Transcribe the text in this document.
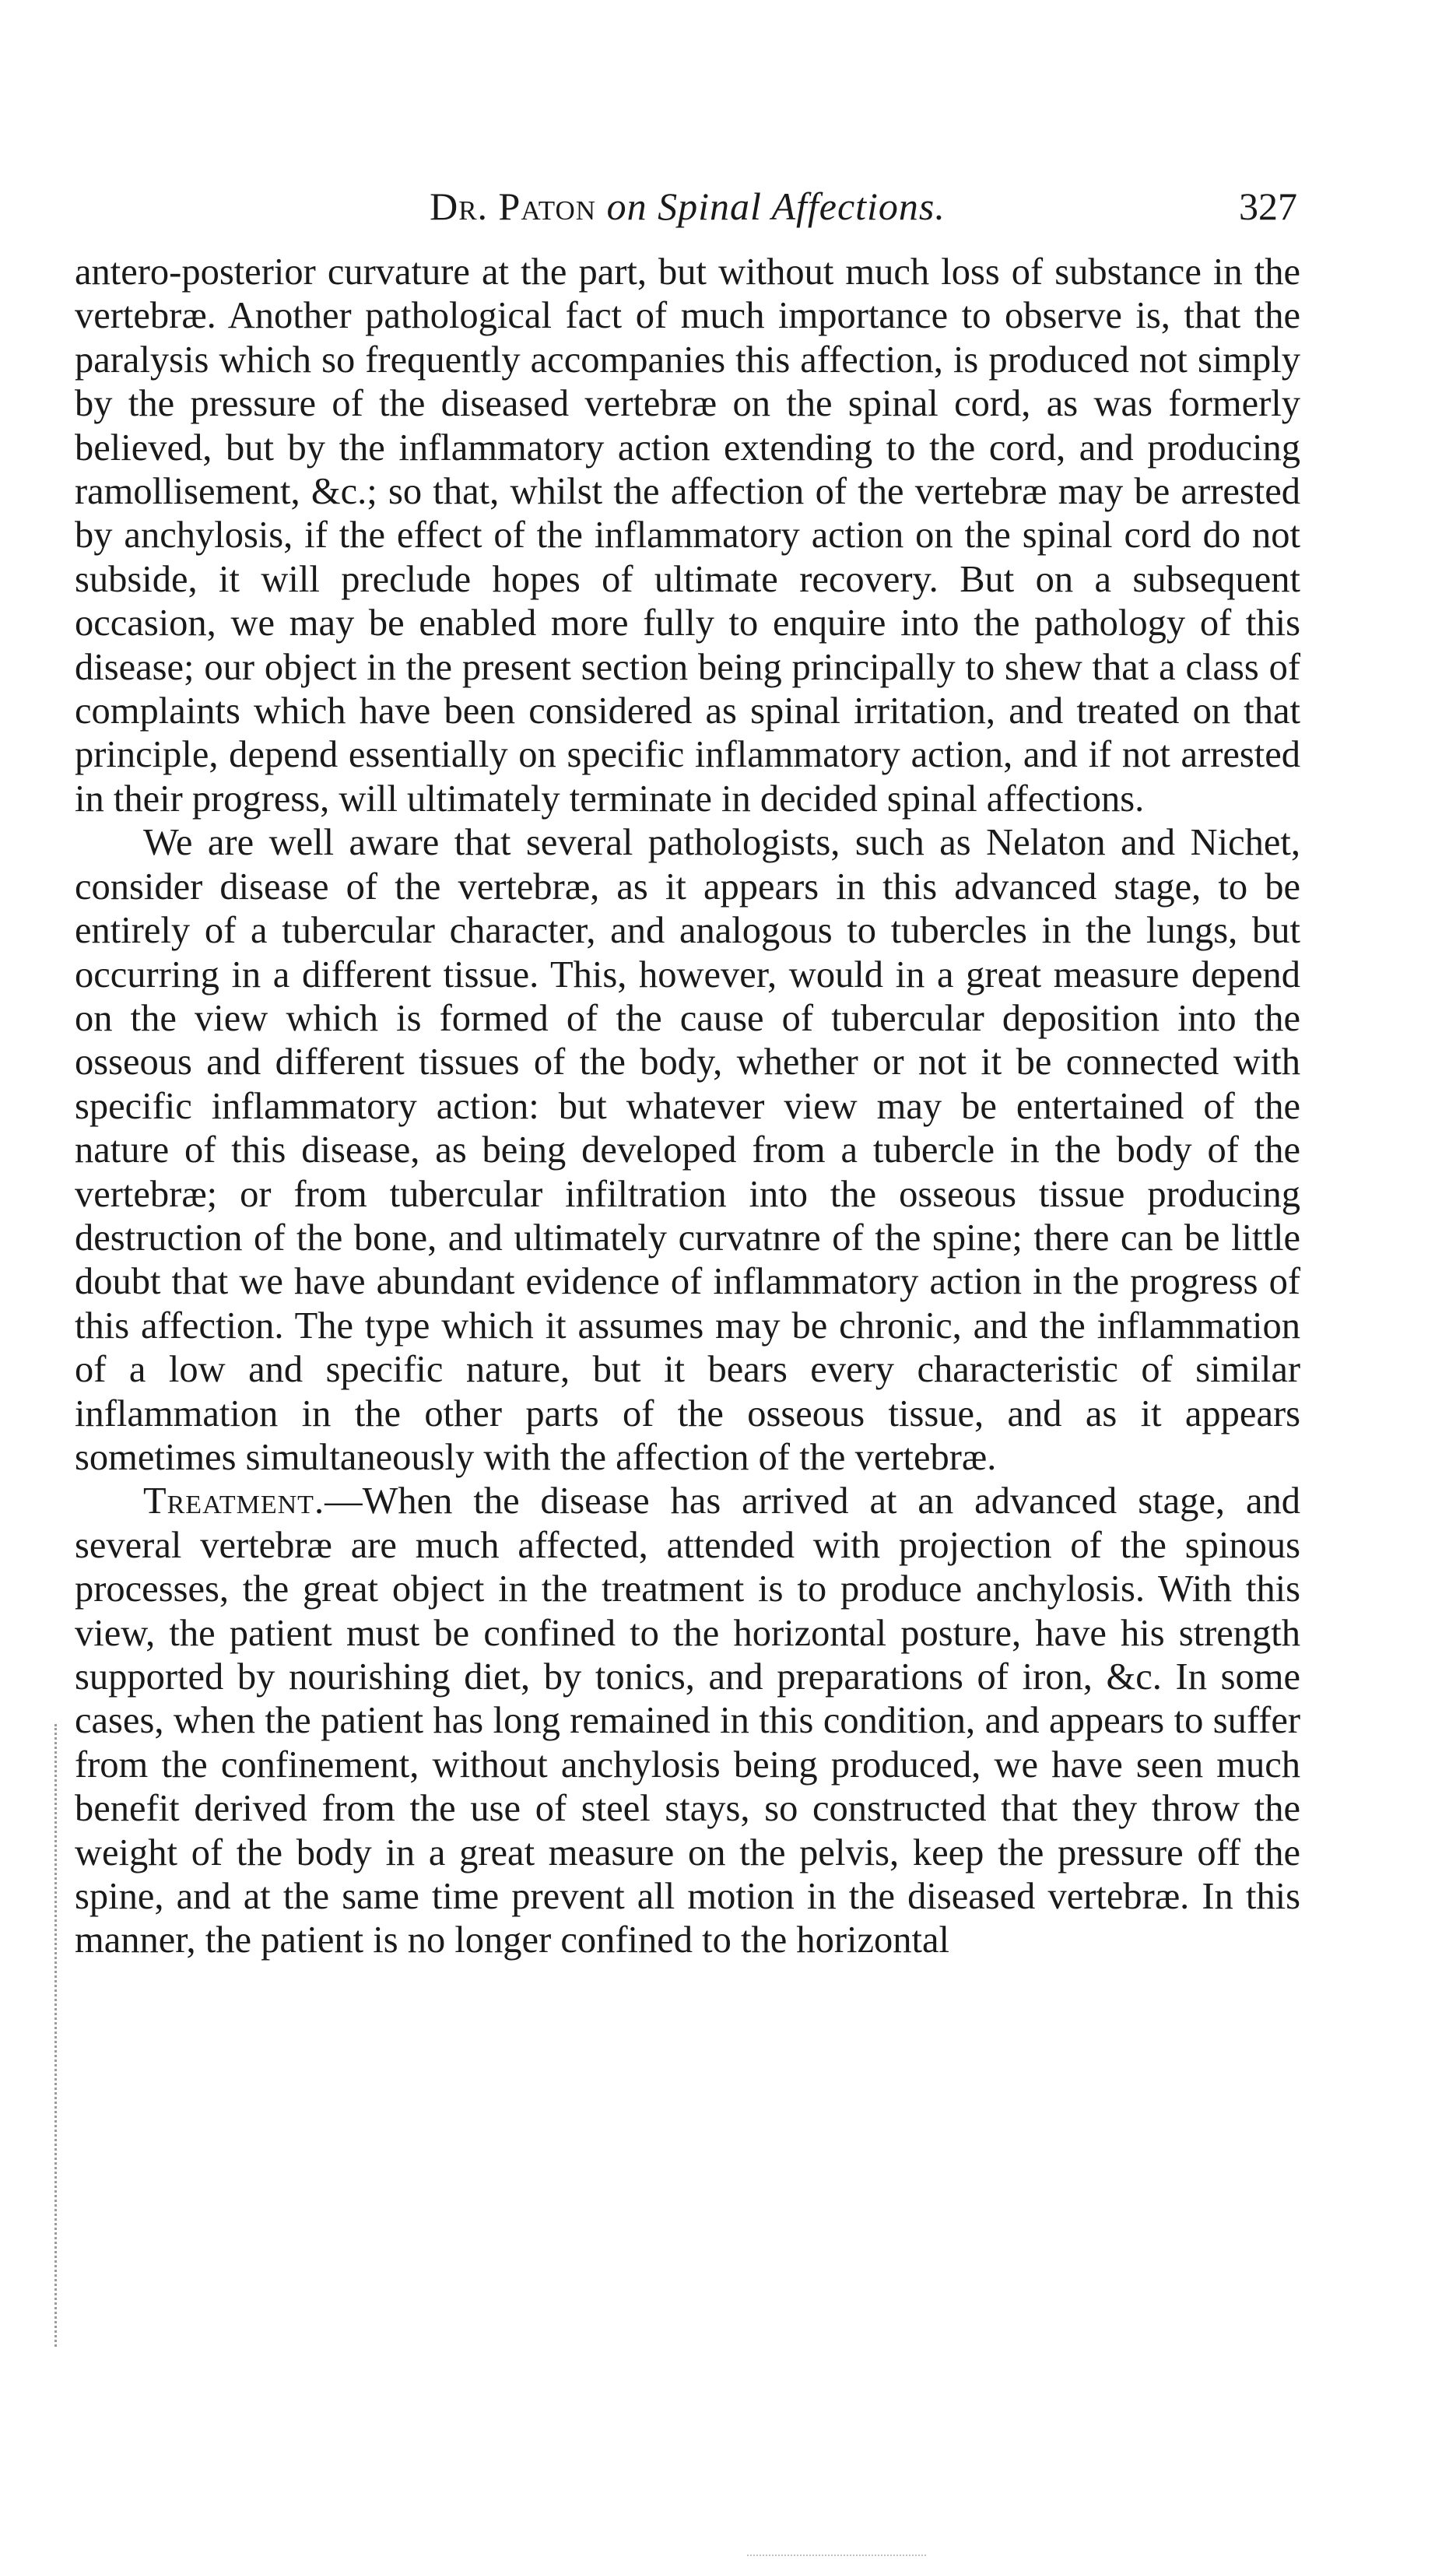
Dr. Paton on Spinal Affections.	327

antero-posterior curvature at the part, but without much loss of substance in the vertebræ. Another pathological fact of much importance to observe is, that the paralysis which so frequently accompanies this affection, is produced not simply by the pressure of the diseased vertebræ on the spinal cord, as was formerly believed, but by the inflammatory action extending to the cord, and producing ramollisement, &c.; so that, whilst the affection of the vertebræ may be arrested by anchylosis, if the effect of the inflammatory action on the spinal cord do not subside, it will preclude hopes of ultimate recovery. But on a subsequent occasion, we may be enabled more fully to enquire into the pathology of this disease; our object in the present section being principally to shew that a class of complaints which have been considered as spinal irritation, and treated on that principle, depend essentially on specific inflammatory action, and if not arrested in their progress, will ultimately terminate in decided spinal affections.

We are well aware that several pathologists, such as Nelaton and Nichet, consider disease of the vertebræ, as it appears in this advanced stage, to be entirely of a tubercular character, and analogous to tubercles in the lungs, but occurring in a different tissue. This, however, would in a great measure depend on the view which is formed of the cause of tubercular deposition into the osseous and different tissues of the body, whether or not it be connected with specific inflammatory action: but whatever view may be entertained of the nature of this disease, as being developed from a tubercle in the body of the vertebræ; or from tubercular infiltration into the osseous tissue producing destruction of the bone, and ultimately curvatnre of the spine; there can be little doubt that we have abundant evidence of inflammatory action in the progress of this affection. The type which it assumes may be chronic, and the inflammation of a low and specific nature, but it bears every characteristic of similar inflammation in the other parts of the osseous tissue, and as it appears sometimes simultaneously with the affection of the vertebræ.

Treatment.—When the disease has arrived at an advanced stage, and several vertebræ are much affected, attended with projection of the spinous processes, the great object in the treatment is to produce anchylosis. With this view, the patient must be confined to the horizontal posture, have his strength supported by nourishing diet, by tonics, and preparations of iron, &c. In some cases, when the patient has long remained in this condition, and appears to suffer from the confinement, without anchylosis being produced, we have seen much benefit derived from the use of steel stays, so constructed that they throw the weight of the body in a great measure on the pelvis, keep the pressure off the spine, and at the same time prevent all motion in the diseased vertebræ. In this manner, the patient is no longer confined to the horizontal
